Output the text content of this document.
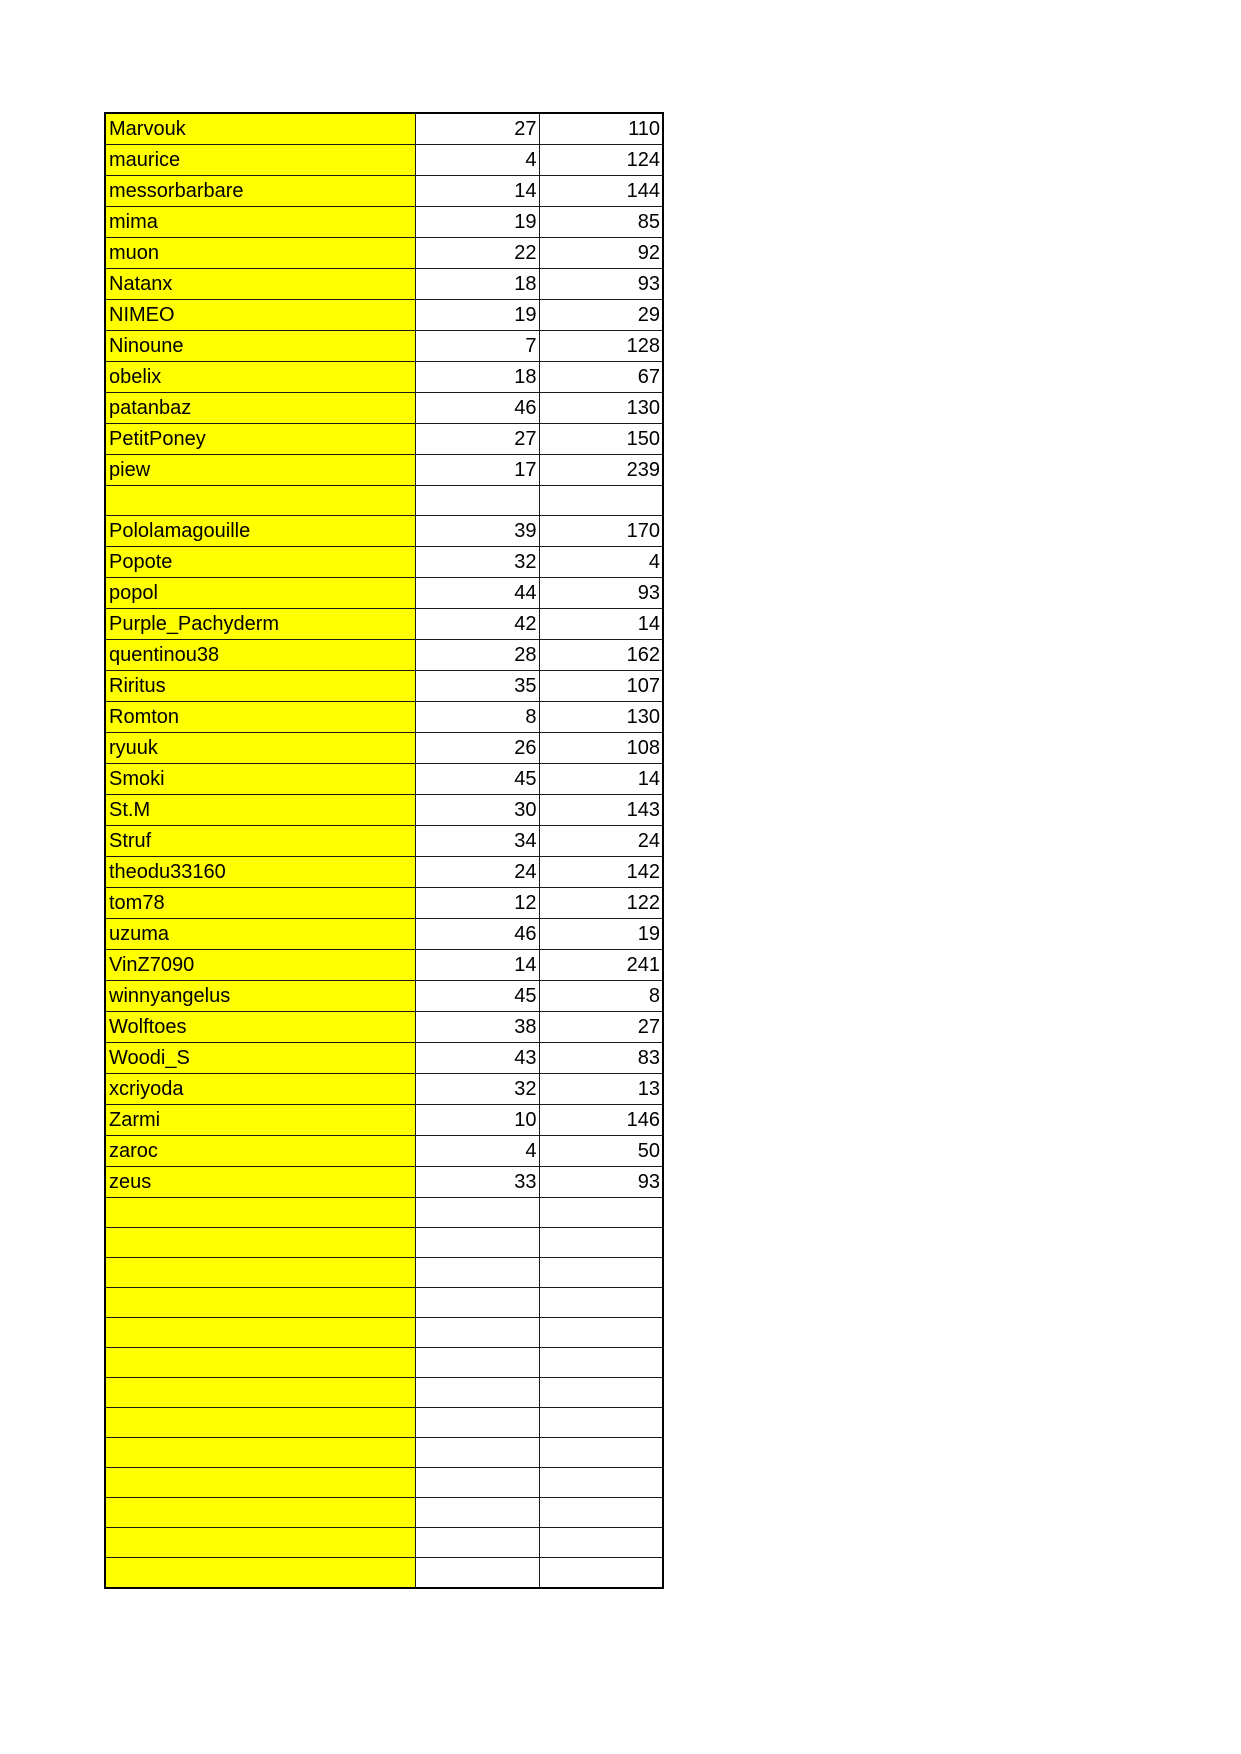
Marvouk	27	110
maurice	4	124
messorbarbare	14	144
mima	19	85
muon	22	92
Natanx	18	93
NIMEO	19	29
Ninoune	7	128
obelix	18	67
patanbaz	46	130
PetitPoney	27	150
piew	17	239

Pololamagouille	39	170
Popote	32	4
popol	44	93
Purple_Pachyderm	42	14
quentinou38	28	162
Riritus	35	107
Romton	8	130
ryuuk	26	108
Smoki	45	14
St.M	30	143
Struf	34	24
theodu33160	24	142
tom78	12	122
uzuma	46	19
VinZ7090	14	241
winnyangelus	45	8
Wolftoes	38	27
Woodi_S	43	83
xcriyoda	32	13
Zarmi	10	146
zaroc	4	50
zeus	33	93
